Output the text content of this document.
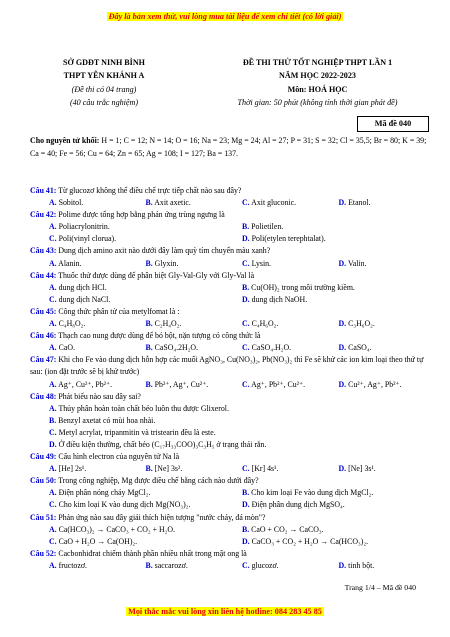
Đây là bản xem thử, vui lòng mua tài liệu để xem chi tiết (có lời giải)
SỞ GDĐT NINH BÌNH
THPT YÊN KHÁNH A
(Đề thi có 04 trang)
(40 câu trắc nghiệm)
ĐỀ THI THỬ TỐT NGHIỆP THPT LẦN 1
NĂM HỌC 2022-2023
Môn: HOÁ HỌC
Thời gian: 50 phút (không tính thời gian phát đề)
Mã đề 040
Cho nguyên tử khối: H = 1; C = 12; N = 14; O = 16; Na = 23; Mg = 24; Al = 27; P = 31; S = 32; Cl = 35,5; Br = 80; K = 39; Ca = 40; Fe = 56; Cu = 64; Zn = 65; Ag = 108; I = 127; Ba = 137.
Câu 41: Từ glucozơ không thể điều chế trực tiếp chất nào sau đây?
A. Sobitol.	B. Axit axetic.	C. Axit gluconic.	D. Etanol.
Câu 42: Polime được tổng hợp bằng phản ứng trùng ngưng là
A. Poliacrylonitrin.	B. Polietilen.
C. Poli(vinyl clorua).	D. Poli(etylen terephtalat).
Câu 43: Dung dịch amino axit nào dưới đây làm quỳ tím chuyển màu xanh?
A. Alanin.	B. Glyxin.	C. Lysin.	D. Valin.
Câu 44: Thuốc thử được dùng để phân biệt Gly-Val-Gly với Gly-Val là
A. dung dịch HCl.	B. Cu(OH)₂ trong môi trường kiềm.
C. dung dịch NaCl.	D. dung dịch NaOH.
Câu 45: Công thức phân tử của metylfomat là :
A. C₄H₈O₂.	B. C₂H₄O₂.	C. C₄H₆O₂.	D. C₃H₆O₂.
Câu 46: Thạch cao nung được dùng để bó bột, nặn tượng có công thức là
A. CaO.	B. CaSO₄.2H₂O.	C. CaSO₄.H₂O.	D. CaSO₄.
Câu 47: Khi cho Fe vào dung dịch hỗn hợp các muối AgNO₃, Cu(NO₃)₂, Pb(NO₃)₂ thì Fe sẽ khử các ion kim loại theo thứ tự sau: (ion đặt trước sẽ bị khử trước)
A. Ag⁺, Cu²⁺, Pb²⁺.	B. Pb²⁺, Ag⁺, Cu²⁺.	C. Ag⁺, Pb²⁺, Cu²⁺.	D. Cu²⁺, Ag⁺, Pb²⁺.
Câu 48: Phát biểu nào sau đây sai?
A. Thủy phân hoàn toàn chất béo luôn thu được Glixerol.
B. Benzyl axetat có mùi hoa nhài.
C. Metyl acrylat, tripanmitin và tristearin đều là este.
D. Ở điều kiện thường, chất béo (C₁₇H₃₃COO)₃C₃H₅ ở trạng thái rắn.
Câu 49: Cấu hình electron của nguyên tử Na là
A. [He] 2s¹.	B. [Ne] 3s².	C. [Kr] 4s¹.	D. [Ne] 3s¹.
Câu 50: Trong công nghiệp, Mg được điều chế bằng cách nào dưới đây?
A. Điện phân nóng chảy MgCl₂.	B. Cho kim loại Fe vào dung dịch MgCl₂.
C. Cho kim loại K vào dung dịch Mg(NO₃)₂.	D. Điện phân dung dịch MgSO₄.
Câu 51: Phản ứng nào sau đây giải thích hiện tượng "nước chảy, đá mòn"?
A. Ca(HCO₃)₂ → CaCO₃ + CO₂ + H₂O.	B. CaO + CO₂ → CaCO₃.
C. CaO + H₂O → Ca(OH)₂.	D. CaCO₃ + CO₂ + H₂O → Ca(HCO₃)₂.
Câu 52: Cacbonhiđrat chiếm thành phần nhiều nhất trong mật ong là
A. fructozơ.	B. saccarozơ.	C. glucozơ.	D. tinh bột.
Trang 1/4 – Mã đề 040
Mọi thắc mắc vui lòng xin liên hệ hotline: 084 283 45 85
